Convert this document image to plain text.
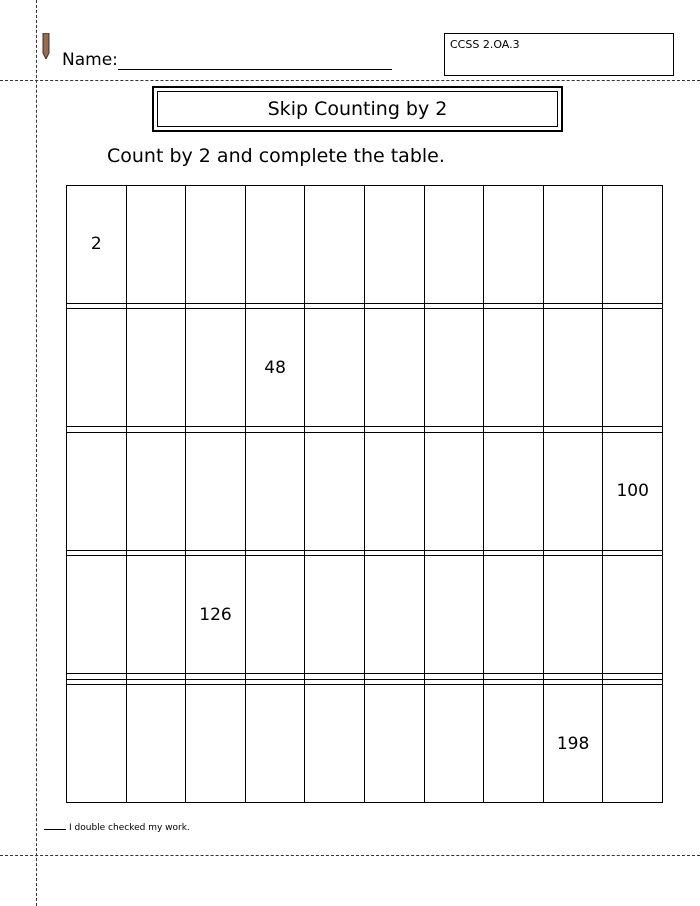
Name:
CCSS 2.OA.3
Skip Counting by 2
Count by 2 and complete the table.
2									

			48						

									100

		126							

								198	
I double checked my work.
